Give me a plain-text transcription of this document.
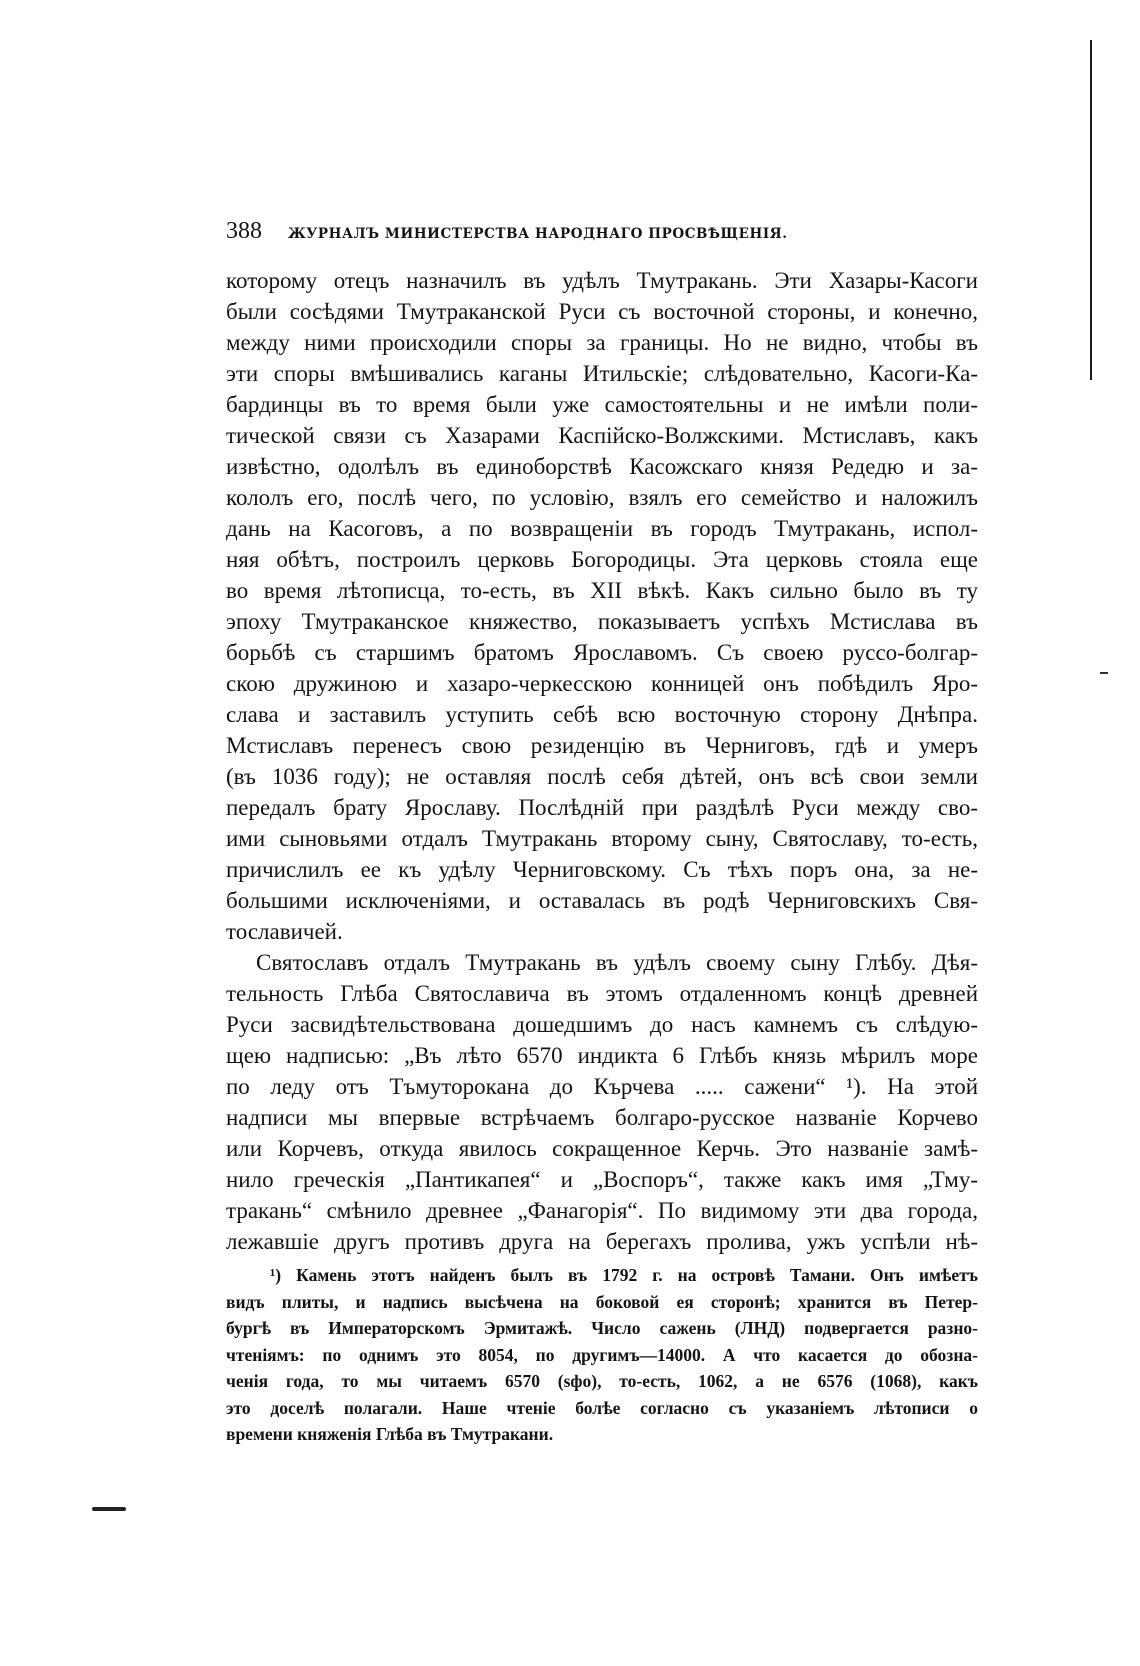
388 ЖУРНАЛЪ МИНИСТЕРСТВА НАРОДНАГО ПРОСВѢЩЕНІЯ.

которому отецъ назначилъ въ удѣлъ Тмутракань. Эти Хазары-Касоги

были сосѣдями Тмутраканской Руси съ восточной стороны, и конечно,

между ними происходили споры за границы. Но не видно, чтобы въ

эти споры вмѣшивались каганы Итильскіе; слѣдовательно, Касоги-Ка-

бардинцы въ то время были уже самостоятельны и не имѣли поли-

тической связи съ Хазарами Каспійско-Волжскими. Мстиславъ, какъ

извѣстно, одолѣлъ въ единоборствѣ Касожскаго князя Редедю и за-

кололъ его, послѣ чего, по условію, взялъ его семейство и наложилъ

дань на Касоговъ, а по возвращеніи въ городъ Тмутракань, испол-

няя обѣтъ, построилъ церковь Богородицы. Эта церковь стояла еще

во время лѣтописца, то-есть, въ XII вѣкѣ. Какъ сильно было въ ту

эпоху Тмутраканское княжество, показываетъ успѣхъ Мстислава въ

борьбѣ съ старшимъ братомъ Ярославомъ. Съ своею руссо-болгар-

скою дружиною и хазаро-черкесскою конницей онъ побѣдилъ Яро-

слава и заставилъ уступить себѣ всю восточную сторону Днѣпра.

Мстиславъ перенесъ свою резиденцію въ Черниговъ, гдѣ и умеръ

(въ 1036 году); не оставляя послѣ себя дѣтей, онъ всѣ свои земли

передалъ брату Ярославу. Послѣдній при раздѣлѣ Руси между сво-

ими сыновьями отдалъ Тмутракань второму сыну, Святославу, то-есть,

причислилъ ее къ удѣлу Черниговскому. Съ тѣхъ поръ она, за не-

большими исключеніями, и оставалась въ родѣ Черниговскихъ Свя-

тославичей.

Святославъ отдалъ Тмутракань въ удѣлъ своему сыну Глѣбу. Дѣя-

тельность Глѣба Святославича въ этомъ отдаленномъ концѣ древней

Руси засвидѣтельствована дошедшимъ до насъ камнемъ съ слѣдую-

щею надписью: „Въ лѣто 6570 индикта 6 Глѣбъ князь мѣрилъ море

по леду отъ Тъмуторокана до Кърчева ..... сажени“ ¹). На этой

надписи мы впервые встрѣчаемъ болгаро-русское названіе Корчево

или Корчевъ, откуда явилось сокращенное Керчь. Это названіе замѣ-

нило греческія „Пантикапея“ и „Воспоръ“, также какъ имя „Тму-

тракань“ смѣнило древнее „Фанагорія“. По видимому эти два города,

лежавшіе другъ противъ друга на берегахъ пролива, ужъ успѣли нѣ-

¹) Камень этотъ найденъ былъ въ 1792 г. на островѣ Тамани. Онъ имѣетъ

видъ плиты, и надпись высѣчена на боковой ея сторонѣ; хранится въ Петер-

бургѣ въ Императорскомъ Эрмитажѣ. Число сажень (ЛНД) подвергается разно-

чтеніямъ: по однимъ это 8054, по другимъ—14000. А что касается до обозна-

ченія года, то мы читаемъ 6570 (ѕфо), то-есть, 1062, а не 6576 (1068), какъ

это доселѣ полагали. Наше чтеніе болѣе согласно съ указаніемъ лѣтописи о

времени княженія Глѣба въ Тмутракани.
